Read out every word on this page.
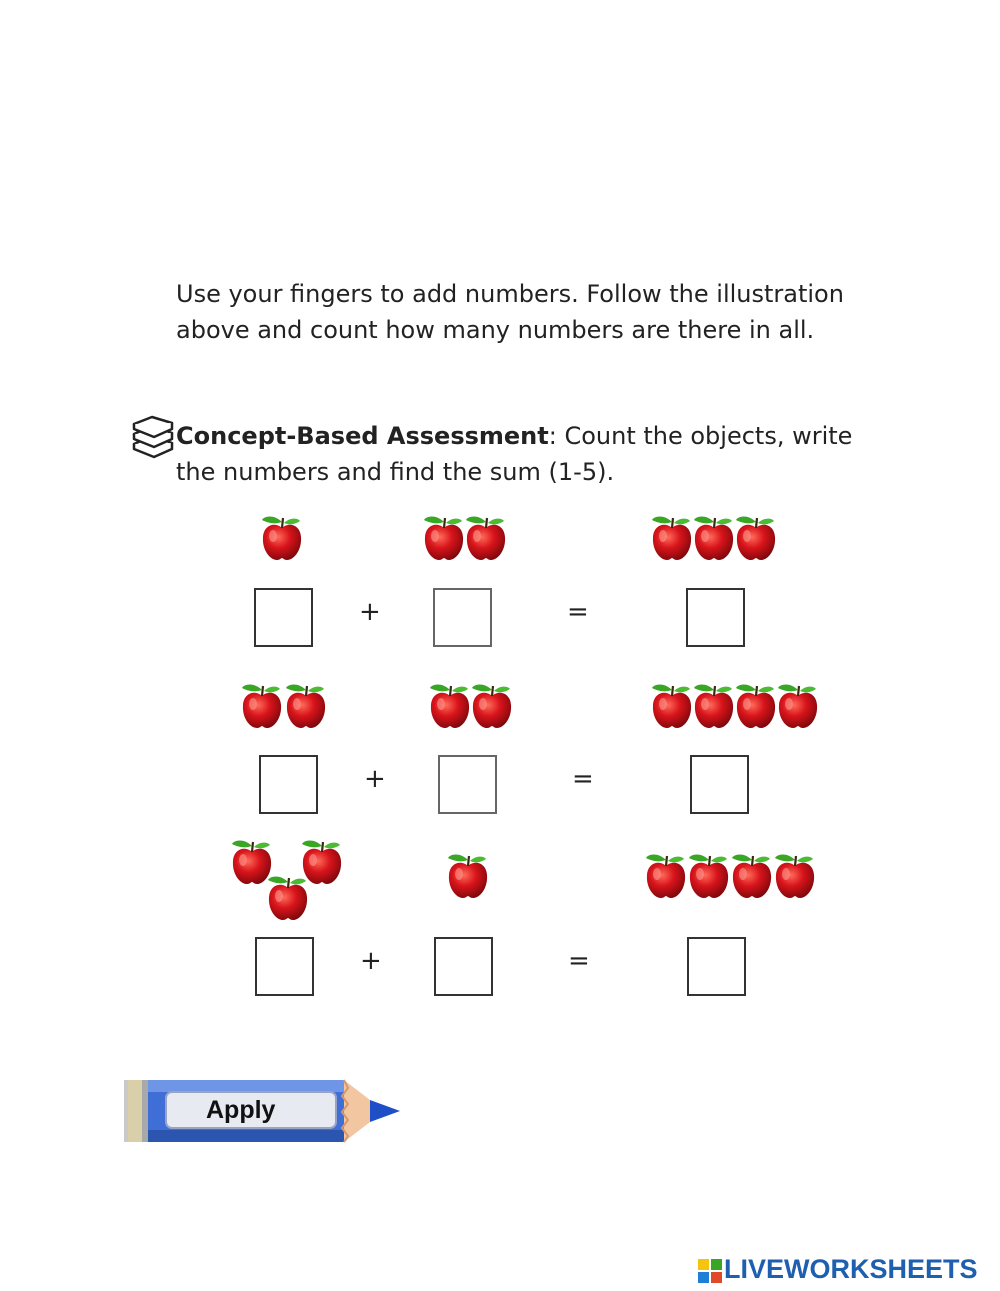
Use your fingers to add numbers. Follow the illustration
above and count how many numbers are there in all.
Concept-Based Assessment: Count the objects, write
the numbers and find the sum (1-5).
+	=
+	=
+	=
Apply
LIVEWORKSHEETS
